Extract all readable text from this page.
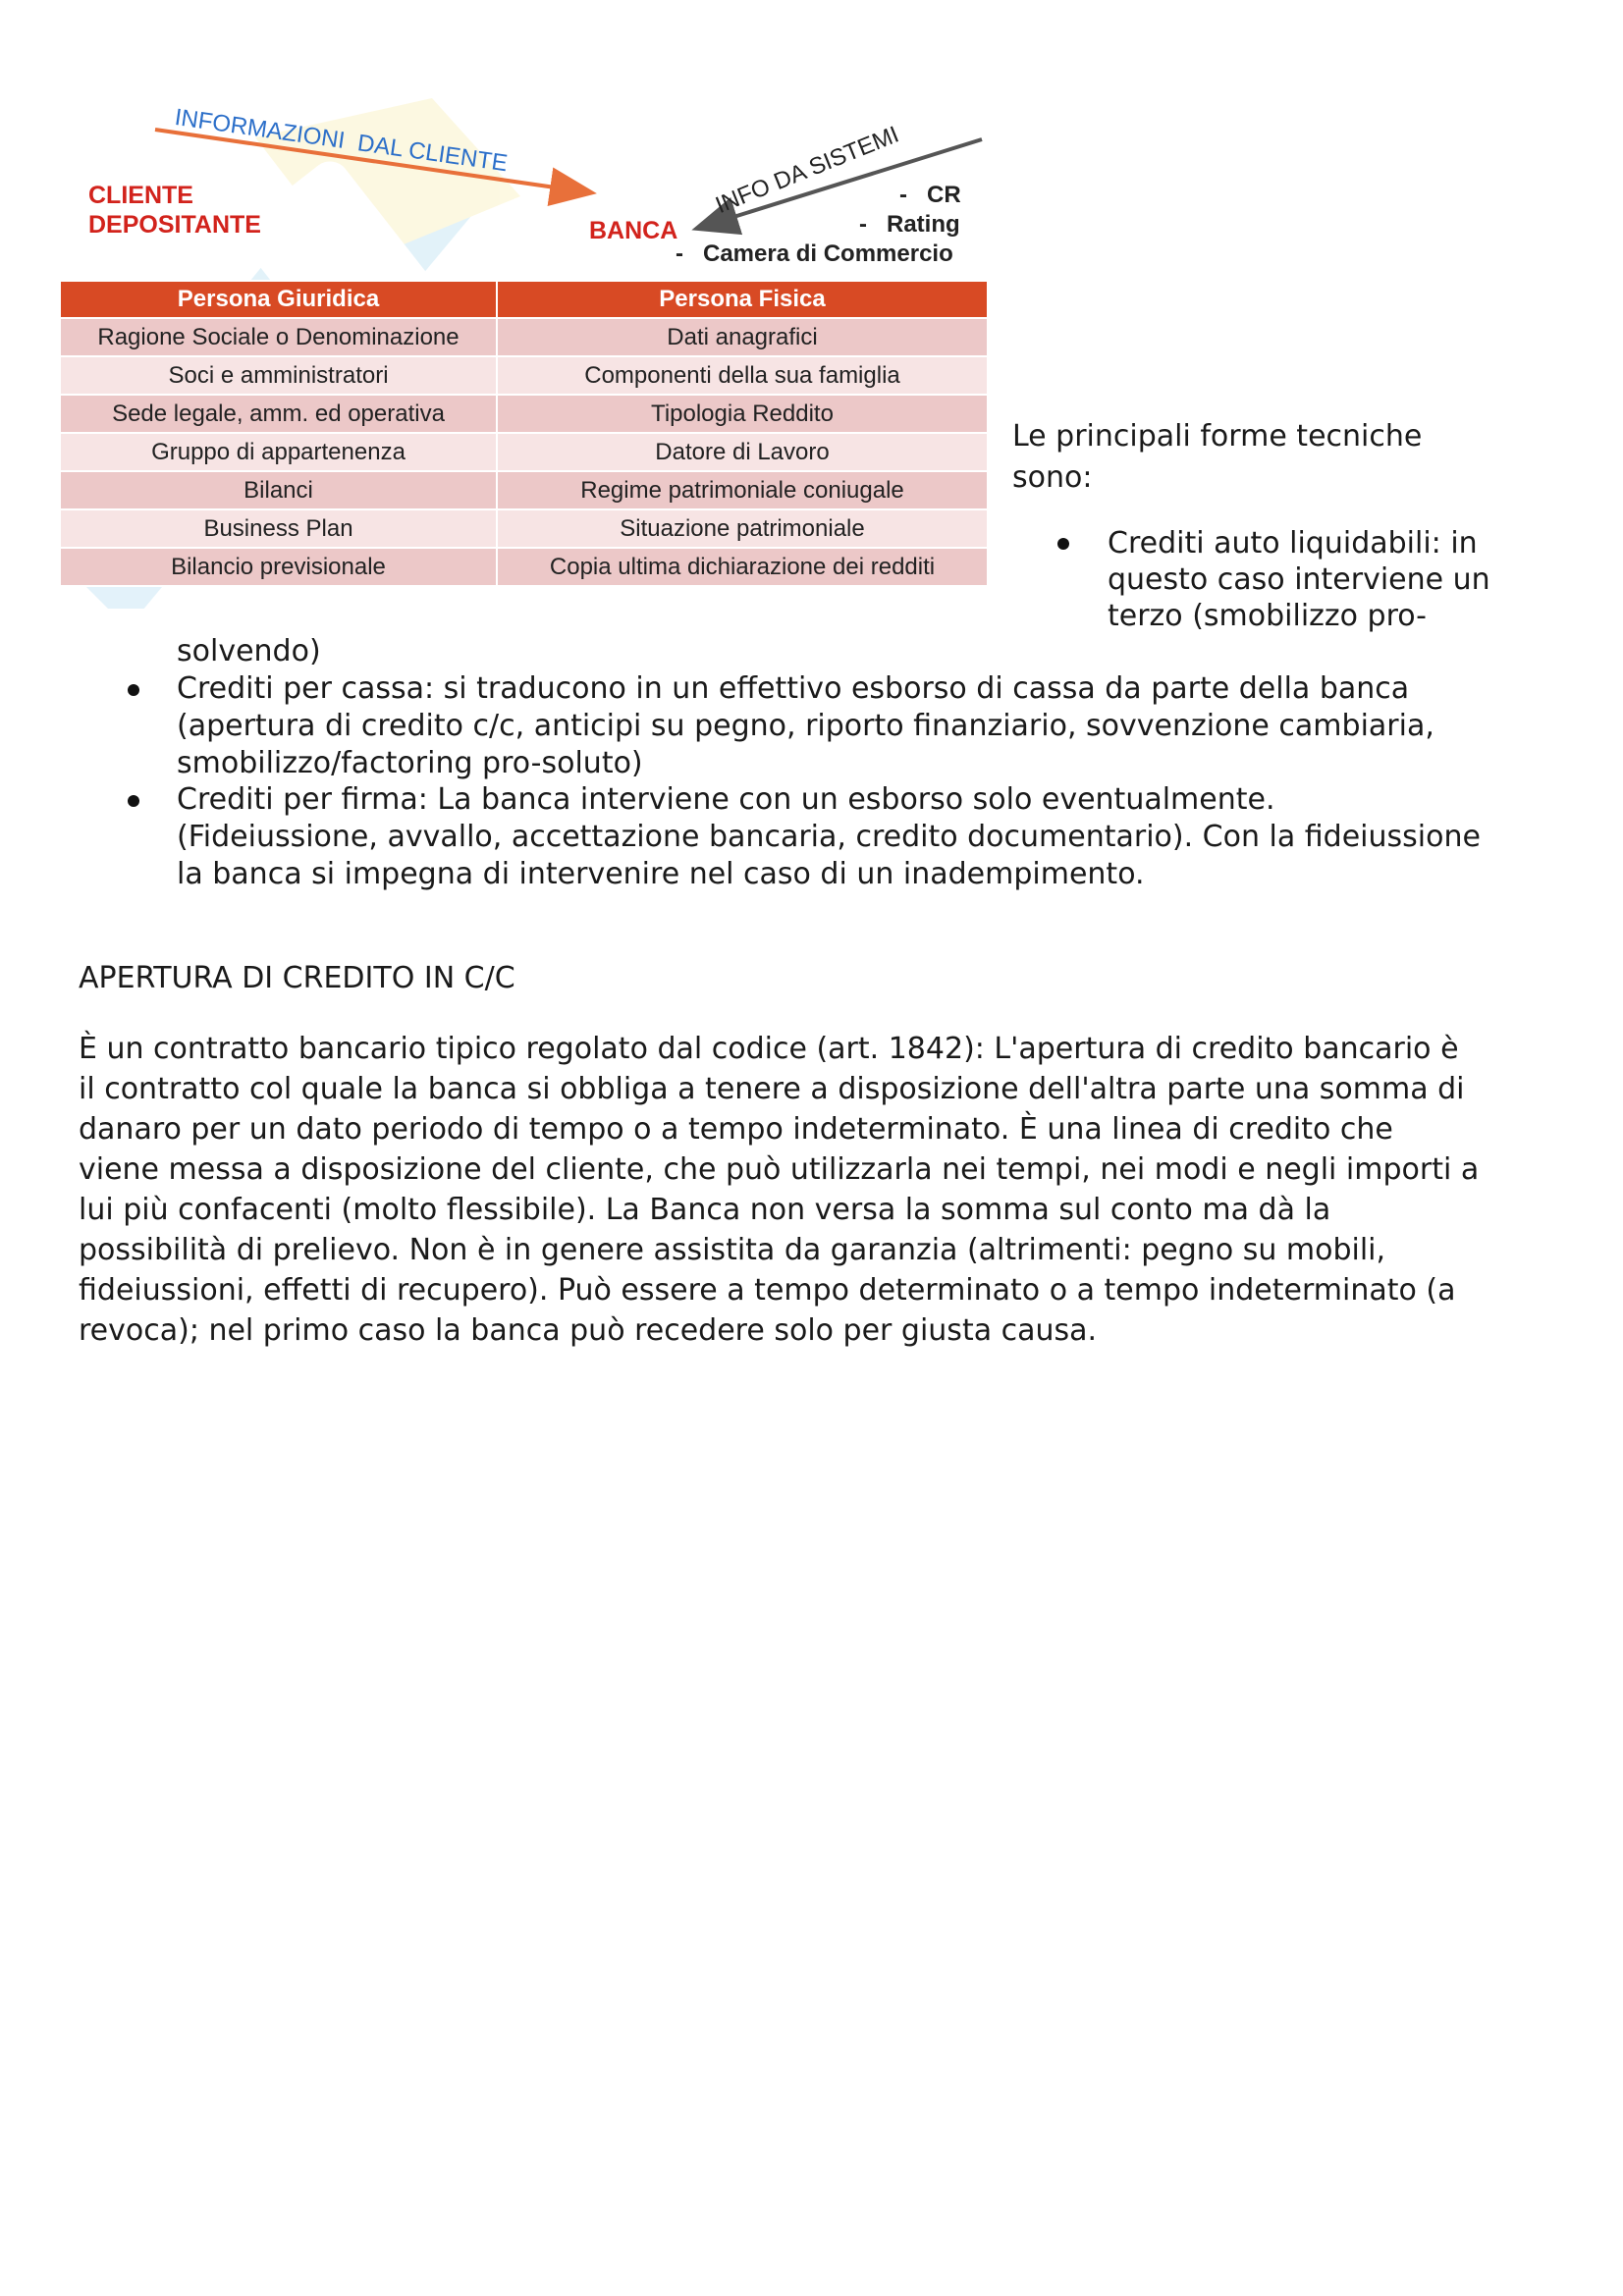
INFORMAZIONI  DAL CLIENTE	INFO DA SISTEMI
CLIENTE
DEPOSITANTE	BANCA
-   CR
-   Rating
-   Camera di Commercio
Persona Giuridica	Persona Fisica
Ragione Sociale o Denominazione	Dati anagrafici
Soci e amministratori	Componenti della sua famiglia
Sede legale, amm. ed operativa	Tipologia Reddito
Gruppo di appartenenza	Datore di Lavoro
Bilanci	Regime patrimoniale coniugale
Business Plan	Situazione patrimoniale
Bilancio previsionale	Copia ultima dichiarazione dei redditi
Le principali forme tecniche
sono:
Crediti auto liquidabili: in
questo caso interviene un
terzo (smobilizzo pro-
solvendo)
Crediti per cassa: si traducono in un effettivo esborso di cassa da parte della banca
(apertura di credito c/c, anticipi su pegno, riporto finanziario, sovvenzione cambiaria,
smobilizzo/factoring pro-soluto)
Crediti per firma: La banca interviene con un esborso solo eventualmente.
(Fideiussione, avvallo, accettazione bancaria, credito documentario). Con la fideiussione
la banca si impegna di intervenire nel caso di un inadempimento.
APERTURA DI CREDITO IN C/C
È un contratto bancario tipico regolato dal codice (art. 1842): L'apertura di credito bancario è
il contratto col quale la banca si obbliga a tenere a disposizione dell'altra parte una somma di
danaro per un dato periodo di tempo o a tempo indeterminato. È una linea di credito che
viene messa a disposizione del cliente, che può utilizzarla nei tempi, nei modi e negli importi a
lui più confacenti (molto flessibile). La Banca non versa la somma sul conto ma dà la
possibilità di prelievo. Non è in genere assistita da garanzia (altrimenti: pegno su mobili,
fideiussioni, effetti di recupero). Può essere a tempo determinato o a tempo indeterminato (a
revoca); nel primo caso la banca può recedere solo per giusta causa.
